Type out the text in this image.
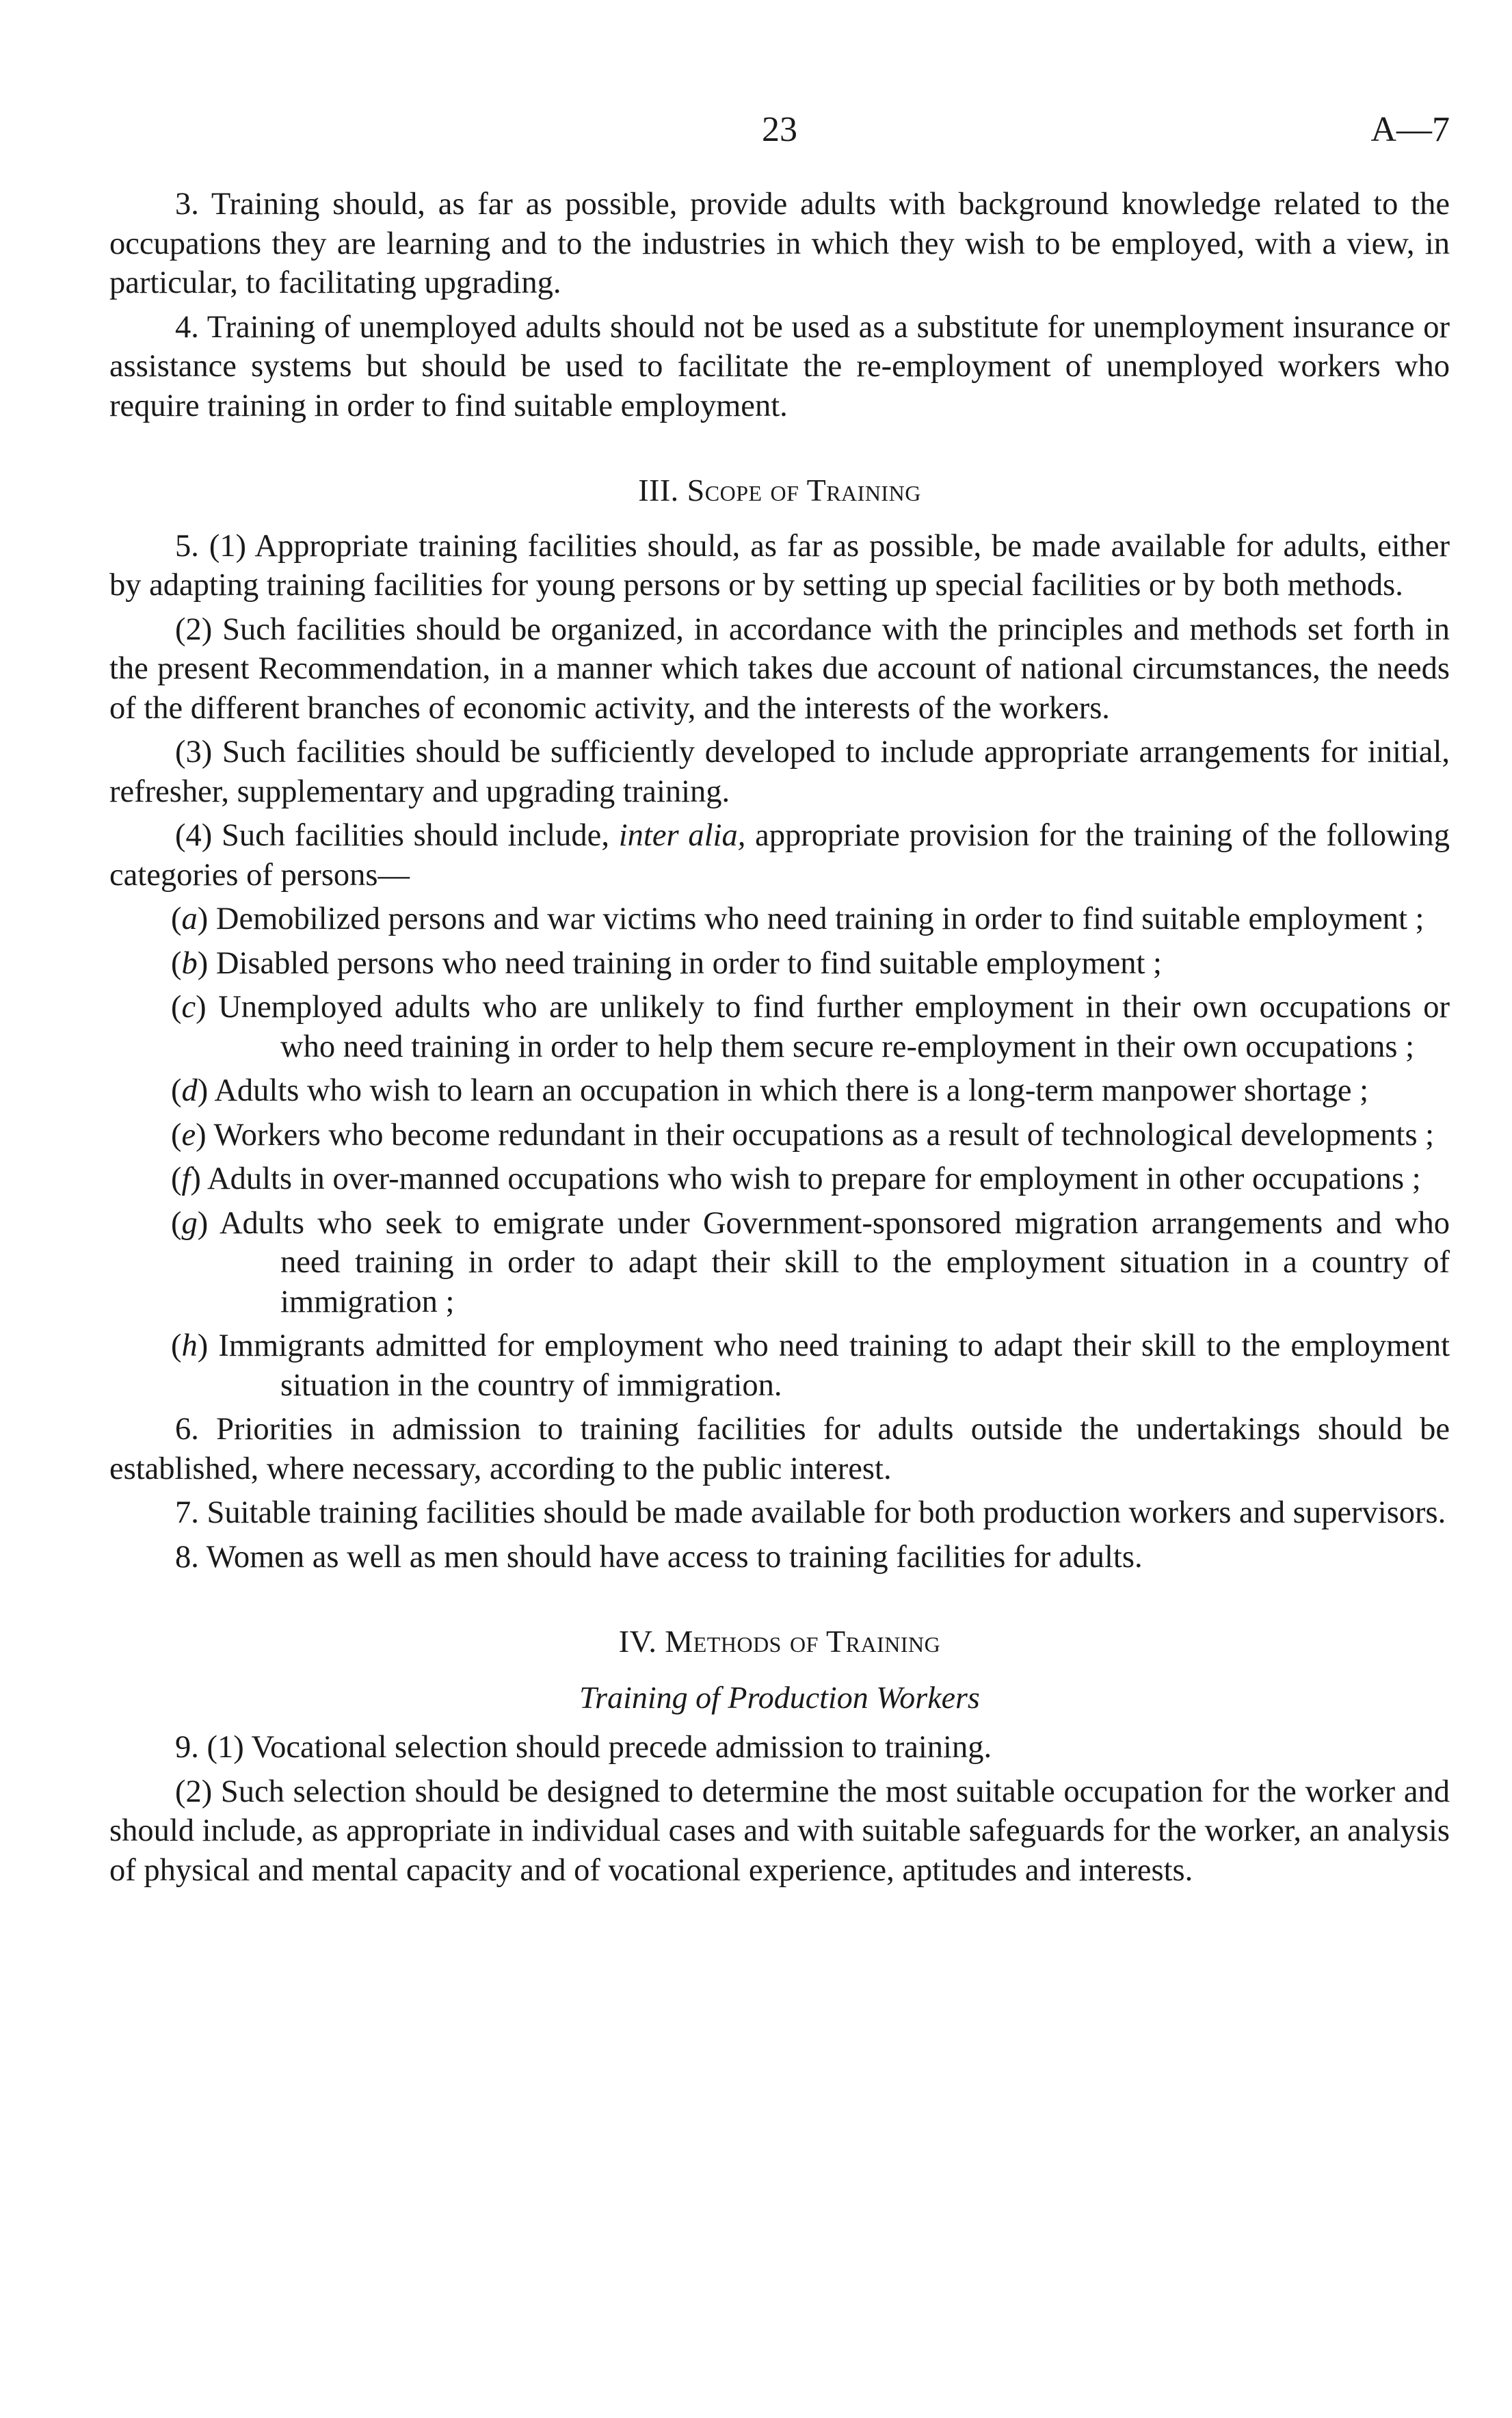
23	A—7

3. Training should, as far as possible, provide adults with background knowledge related to the occupations they are learning and to the industries in which they wish to be employed, with a view, in particular, to facilitating upgrading.

4. Training of unemployed adults should not be used as a substitute for unemployment insurance or assistance systems but should be used to facilitate the re-employment of unemployed workers who require training in order to find suitable employment.

III. Scope of Training

5. (1) Appropriate training facilities should, as far as possible, be made available for adults, either by adapting training facilities for young persons or by setting up special facilities or by both methods.

(2) Such facilities should be organized, in accordance with the principles and methods set forth in the present Recommendation, in a manner which takes due account of national circumstances, the needs of the different branches of economic activity, and the interests of the workers.

(3) Such facilities should be sufficiently developed to include appropriate arrangements for initial, refresher, supplementary and upgrading training.

(4) Such facilities should include, inter alia, appropriate provision for the training of the following categories of persons—

(a) Demobilized persons and war victims who need training in order to find suitable employment ;

(b) Disabled persons who need training in order to find suitable employment ;

(c) Unemployed adults who are unlikely to find further employment in their own occupations or who need training in order to help them secure re-employment in their own occupations ;

(d) Adults who wish to learn an occupation in which there is a long-term manpower shortage ;

(e) Workers who become redundant in their occupations as a result of technological developments ;

(f) Adults in over-manned occupations who wish to prepare for employment in other occupations ;

(g) Adults who seek to emigrate under Government-sponsored migration arrangements and who need training in order to adapt their skill to the employment situation in a country of immigration ;

(h) Immigrants admitted for employment who need training to adapt their skill to the employment situation in the country of immigration.

6. Priorities in admission to training facilities for adults outside the undertakings should be established, where necessary, according to the public interest.

7. Suitable training facilities should be made available for both production workers and supervisors.

8. Women as well as men should have access to training facilities for adults.

IV. Methods of Training
Training of Production Workers

9. (1) Vocational selection should precede admission to training.

(2) Such selection should be designed to determine the most suitable occupation for the worker and should include, as appropriate in individual cases and with suitable safeguards for the worker, an analysis of physical and mental capacity and of vocational experience, aptitudes and interests.
